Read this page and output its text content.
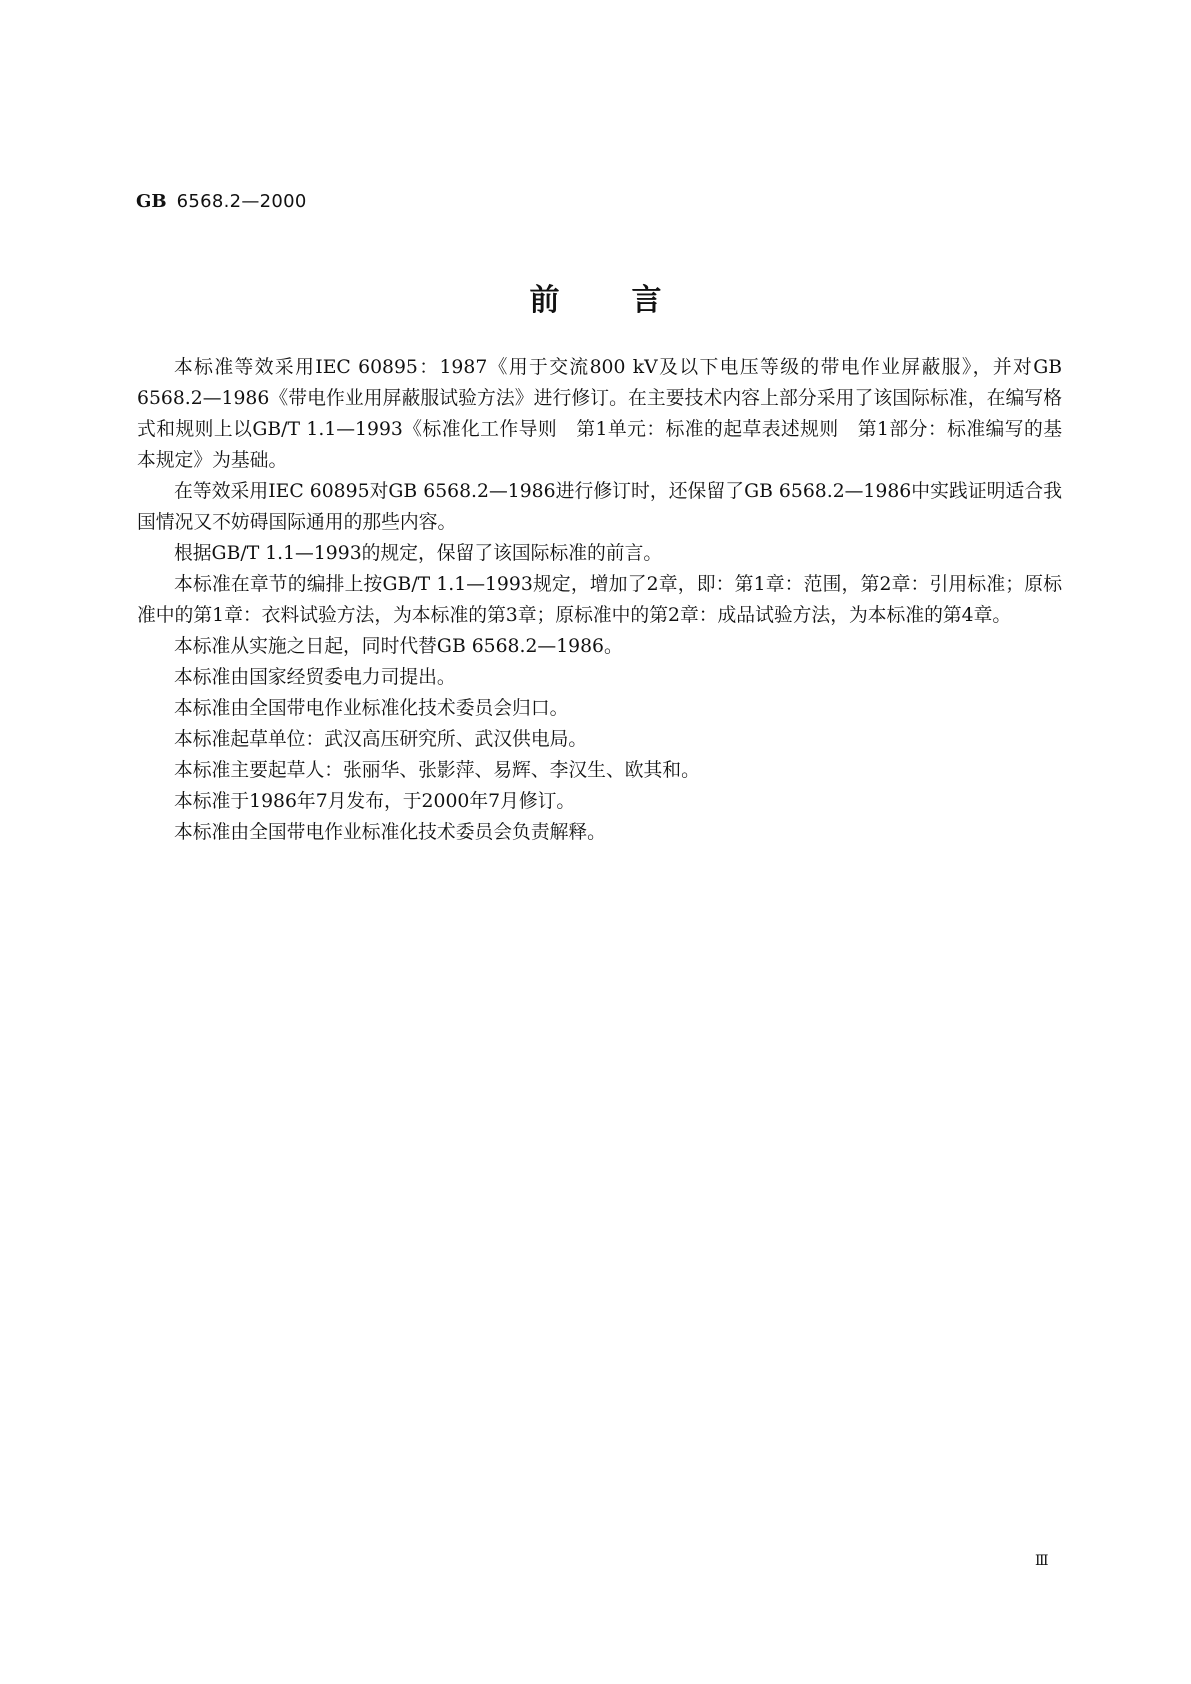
GB 6568.2—2000
前言

本标准等效采用IEC 60895：1987《用于交流800 kV及以下电压等级的带电作业屏蔽服》，并对GB 6568.2—1986《带电作业用屏蔽服试验方法》进行修订。在主要技术内容上部分采用了该国际标准，在编写格式和规则上以GB/T 1.1—1993《标准化工作导则　第1单元：标准的起草表述规则　第1部分：标准编写的基本规定》为基础。

在等效采用IEC 60895对GB 6568.2—1986进行修订时，还保留了GB 6568.2—1986中实践证明适合我国情况又不妨碍国际通用的那些内容。

根据GB/T 1.1—1993的规定，保留了该国际标准的前言。

本标准在章节的编排上按GB/T 1.1—1993规定，增加了2章，即：第1章：范围，第2章：引用标准；原标准中的第1章：衣料试验方法，为本标准的第3章；原标准中的第2章：成品试验方法，为本标准的第4章。

本标准从实施之日起，同时代替GB 6568.2—1986。

本标准由国家经贸委电力司提出。

本标准由全国带电作业标准化技术委员会归口。

本标准起草单位：武汉高压研究所、武汉供电局。

本标准主要起草人：张丽华、张影萍、易辉、李汉生、欧其和。

本标准于1986年7月发布，于2000年7月修订。

本标准由全国带电作业标准化技术委员会负责解释。

Ⅲ
